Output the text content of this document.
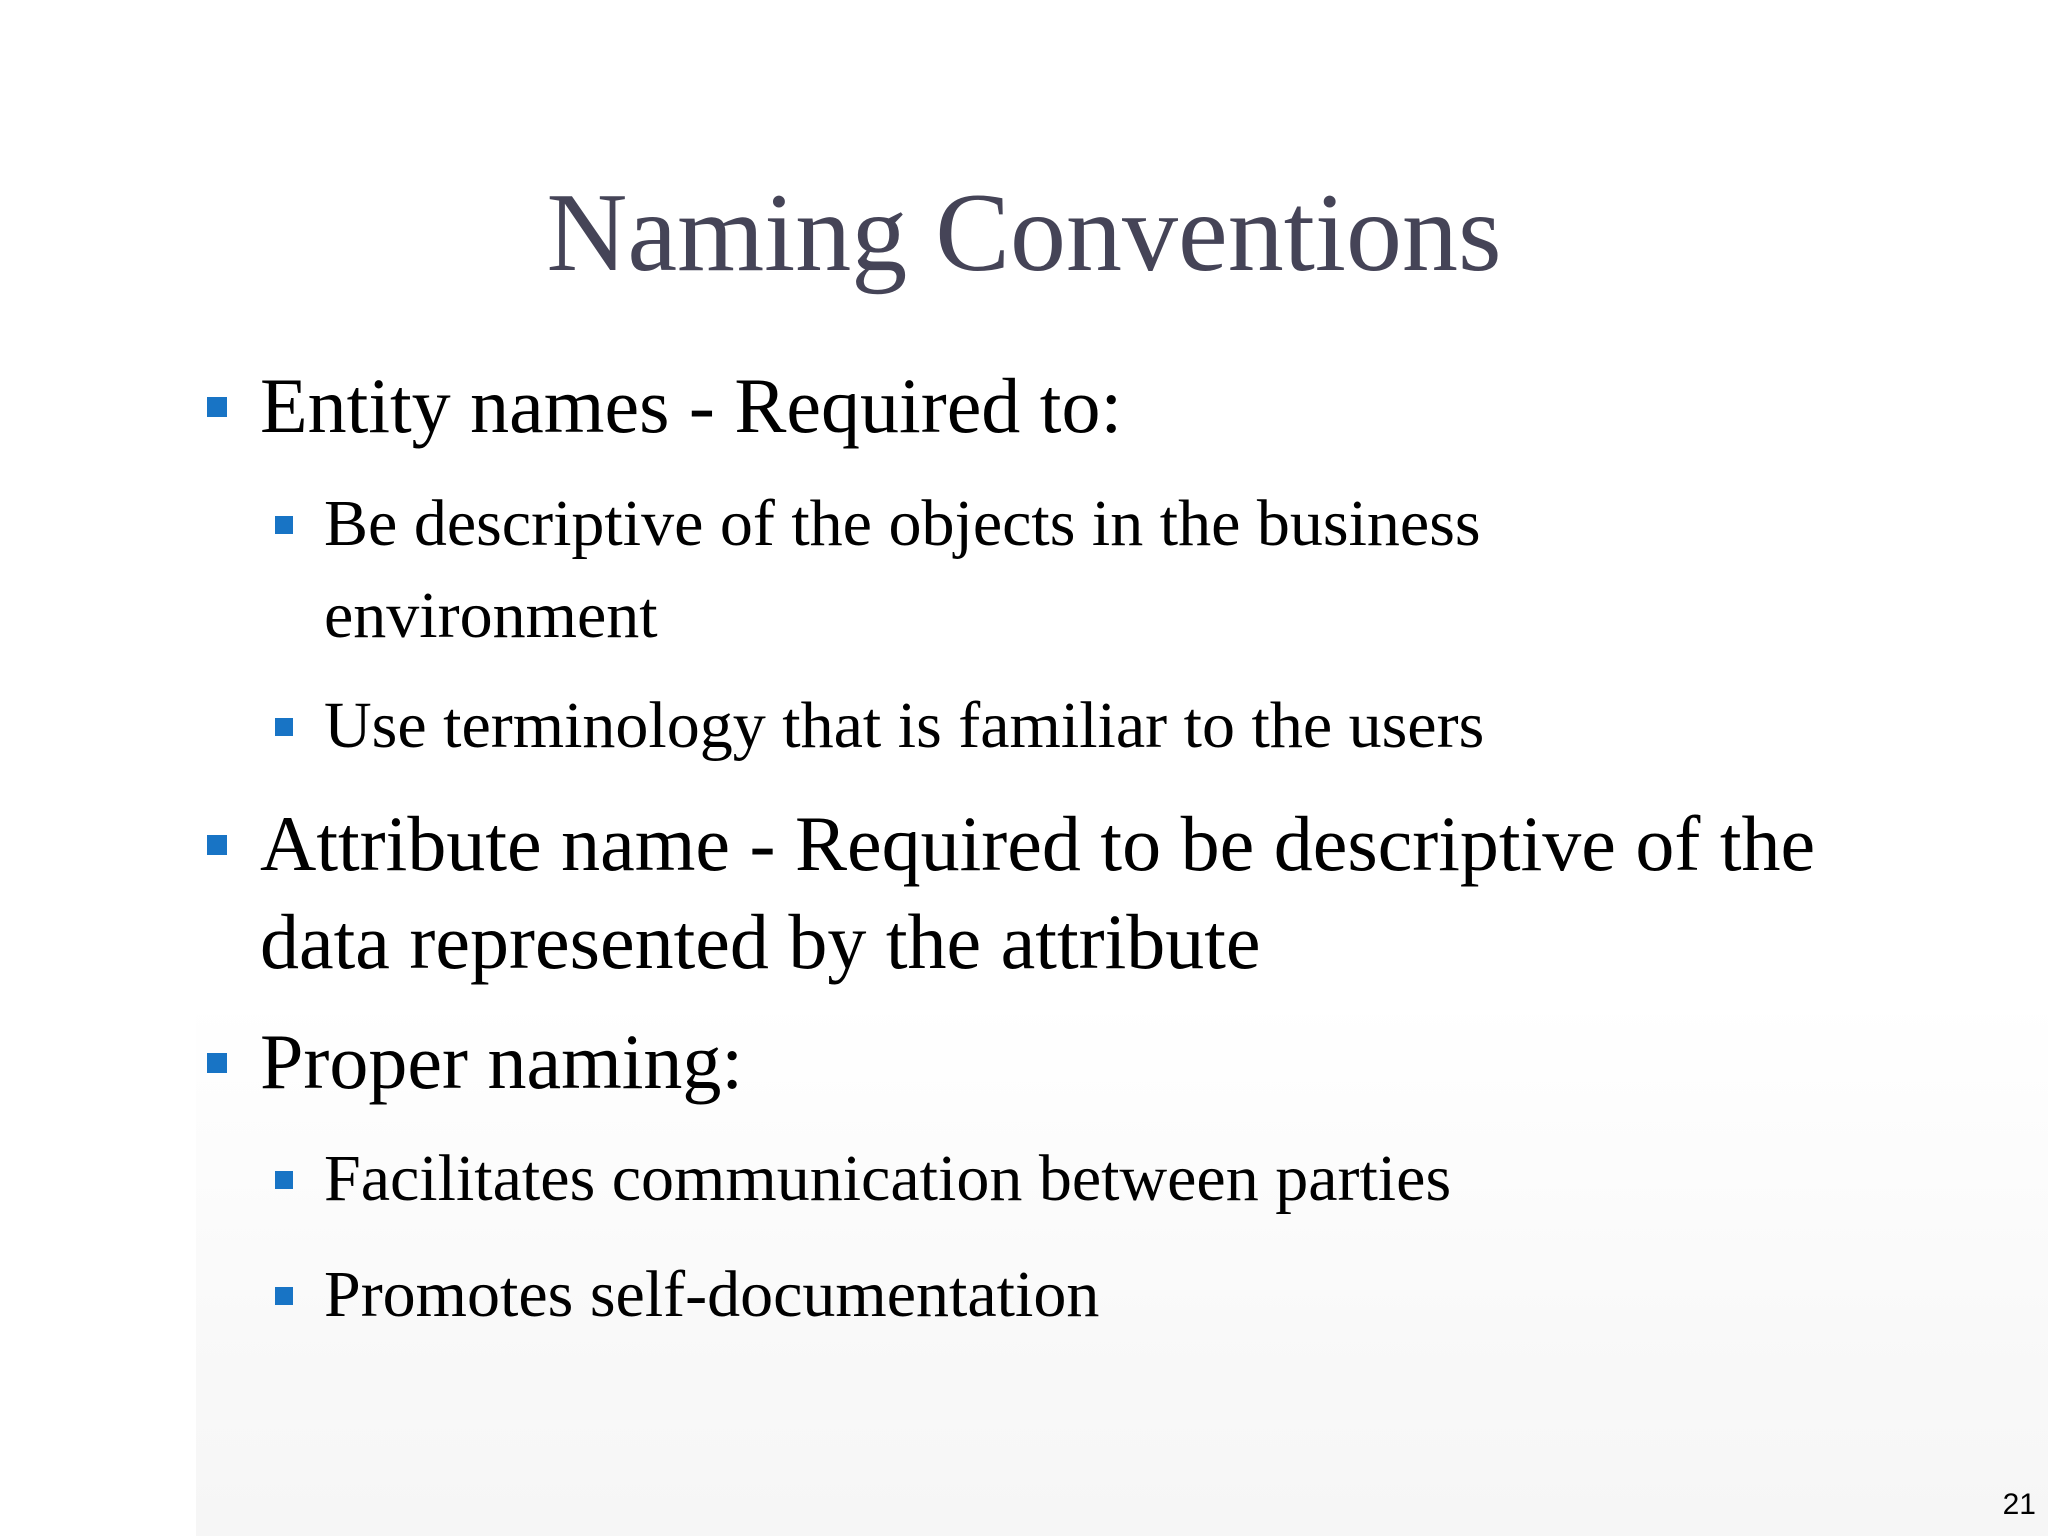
Naming Conventions
Entity names - Required to:
Be descriptive of the objects in the business
environment
Use terminology that is familiar to the users
Attribute name - Required to be descriptive of the
data represented by the attribute
Proper naming:
Facilitates communication between parties
Promotes self-documentation
21
